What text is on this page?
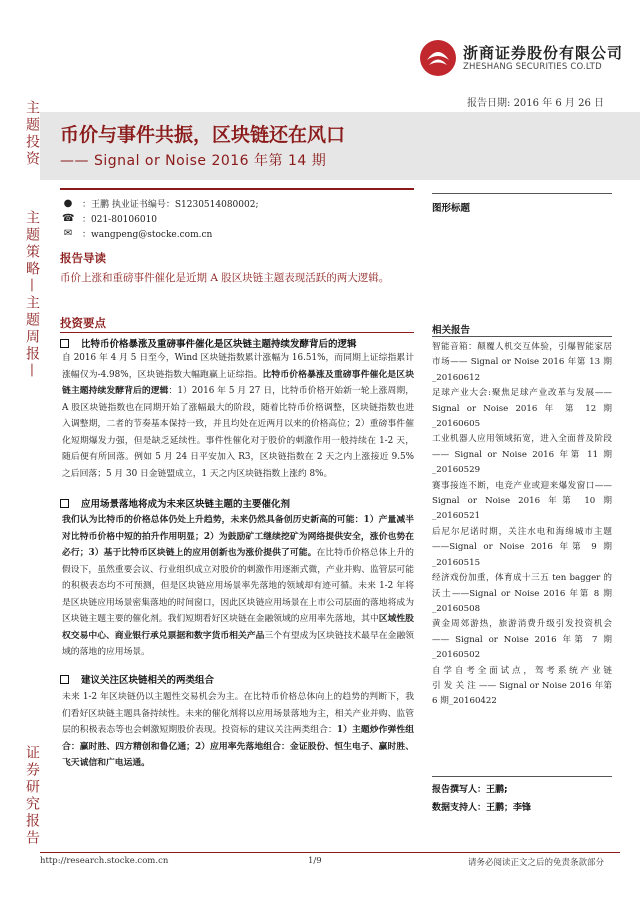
浙商证券股份有限公司
ZHESHANG SECURITIES CO.LTD
报告日期: 2016 年 6 月 26 日
主题投资
主题策略—主题周报—
证券研究报告
币价与事件共振，区块链还在风口
—— Signal or Noise 2016 年第 14 期
● ：王鹏 执业证书编号：S1230514080002;
☎ ：021-80106010
✉ ：wangpeng@stocke.com.cn
报告导读
币价上涨和重磅事件催化是近期 A 股区块链主题表现活跃的两大逻辑。
投资要点
比特币价格暴涨及重磅事件催化是区块链主题持续发酵背后的逻辑
自 2016 年 4 月 5 日至今，Wind 区块链指数累计涨幅为 16.51%，而同期上证综指累计涨幅仅为-4.98%，区块链指数大幅跑赢上证综指。比特币价格暴涨及重磅事件催化是区块链主题持续发酵背后的逻辑：1）2016 年 5 月 27 日，比特币价格开始新一轮上涨周期，A 股区块链指数也在同期开始了涨幅最大的阶段，随着比特币价格调整，区块链指数也进入调整期，二者的节奏基本保持一致，并且均处在近两月以来的价格高位；2）重磅事件催化短期爆发力强，但是缺乏延续性。事件性催化对于股价的刺激作用一般持续在 1-2 天，随后便有所回落。例如 5 月 24 日平安加入 R3，区块链指数在 2 天之内上涨接近 9.5%之后回落；5 月 30 日金链盟成立，1 天之内区块链指数上涨约 8%。
应用场景落地将成为未来区块链主题的主要催化剂
我们认为比特币的价格总体仍处上升趋势，未来仍然具备创历史新高的可能：1）产量减半对比特币价格中短的拍升作用明显；2）为鼓励矿工继续挖矿为网络提供安全，涨价也势在必行；3）基于比特币区块链上的应用创新也为涨价提供了可能。在比特币价格总体上升的假设下，虽然重要会议、行业组织成立对股价的刺激作用逐渐式微，产业并购、监管层可能的积极表态均不可预测，但是区块链应用场景率先落地的领域却有迹可循。未来 1-2 年将是区块链应用场景密集落地的时间窗口，因此区块链应用场景在上市公司层面的落地将成为区块链主题主要的催化剂。我们短期看好区块链在金融领域的应用率先落地，其中区域性股权交易中心、商业银行承兑票据和数字货币相关产品三个有望成为区块链技术最早在金融领域的落地的应用场景。
建议关注区块链相关的两类组合
未来 1-2 年区块链仍以主题性交易机会为主。在比特币价格总体向上的趋势的判断下，我们看好区块链主题具备持续性。未来的催化剂将以应用场景落地为主，相关产业并购、监管层的积极表态等也会刺激短期股价表现。投资标的建议关注两类组合：1）主题炒作弹性组合：赢时胜、四方精创和鲁亿通；2）应用率先落地组合：金证股份、恒生电子、赢时胜、飞天诚信和广电运通。
图形标题
相关报告
智能音箱：颠覆人机交互体验，引爆智能家居市场—— Signal or Noise 2016 年第 13 期_20160612
足球产业大会:聚焦足球产业改革与发展—— Signal or Noise 2016 年 第 12 期_20160605
工业机器人应用领域拓宽，进入全面普及阶段—— Signal or Noise 2016 年第 11 期_20160529
赛事接连不断，电竞产业或迎来爆发窗口——Signal or Noise 2016 年第 10 期_20160521
后尼尔尼诺时期，关注水电和海绵城市主题——Signal or Noise 2016 年第 9 期_20160515
经济戏份加重，体育成十三五 ten bagger 的沃土——Signal or Noise 2016 年第 8 期_20160508
黄金周郊游热，旅游消费升级引发投资机会—— Signal or Noise 2016 年第 7 期_20160502
自 学 自 考 全 面 试 点 ， 驾 考 系 统 产 业 链 引 发 关 注 —— Signal or Noise 2016 年第 6 期_20160422
报告撰写人：王鹏;
数据支持人：王鹏；李锋
http://research.stocke.com.cn	1/9	请务必阅读正文之后的免责条款部分
